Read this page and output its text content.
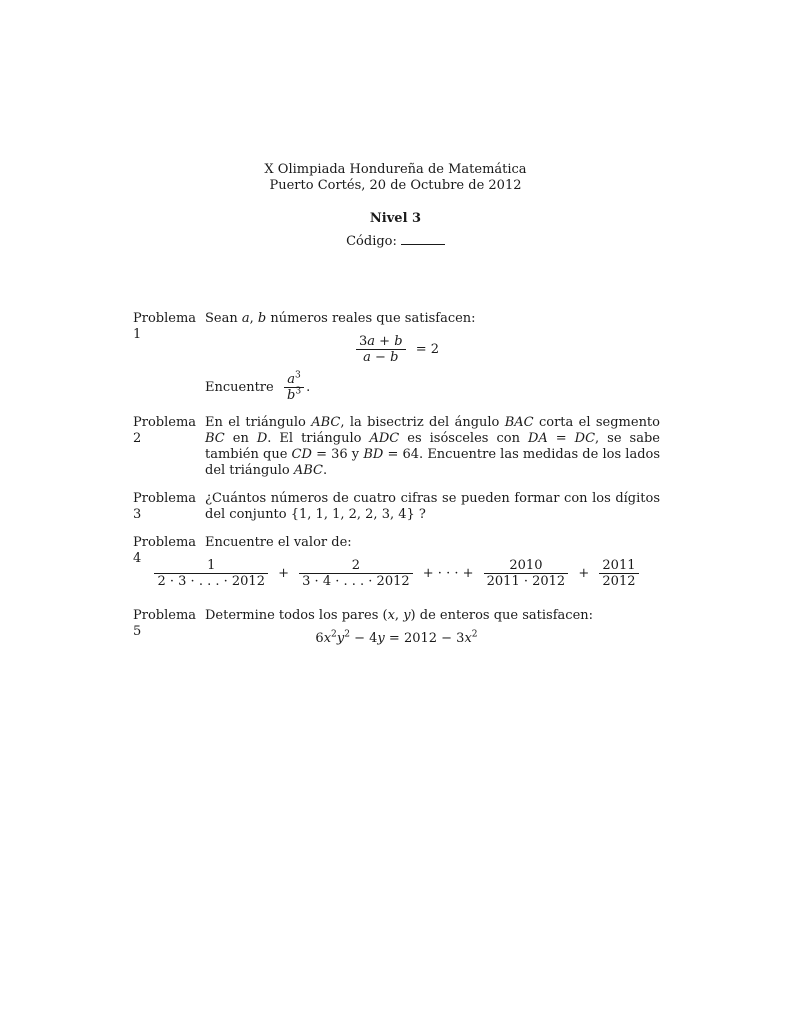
X Olimpiada Hondureña de Matemática
Puerto Cortés, 20 de Octubre de 2012
Nivel 3
Código:
Problema 1

Sean a, b números reales que satisfacen:

$\frac{3a + b}{a - b} = 2$

Encuentre $\frac{a^3}{b^3}$ .

Problema 2

En el triángulo ABC, la bisectriz del ángulo BAC corta el segmento BC en D. El triángulo ADC es isósceles con DA = DC, se sabe también que CD = 36 y BD = 64. Encuentre las medidas de los lados del triángulo ABC.

Problema 3

¿Cuántos números de cuatro cifras se pueden formar con los dígitos del conjunto {1, 1, 1, 2, 2, 3, 4} ?

Problema 4

Encuentre el valor de:

$\frac{1}{2 \cdot 3 \cdot . . . \cdot 2012} + \frac{2}{3 \cdot 4 \cdot . . . \cdot 2012}$ + · · · + $\frac{2010}{2011 \cdot 2012} + \frac{2011}{2012}$
Problema 5

Determine todos los pares (x, y) de enteros que satisfacen:

$6x^2y^2 - 4y = 2012 - 3x^2$
